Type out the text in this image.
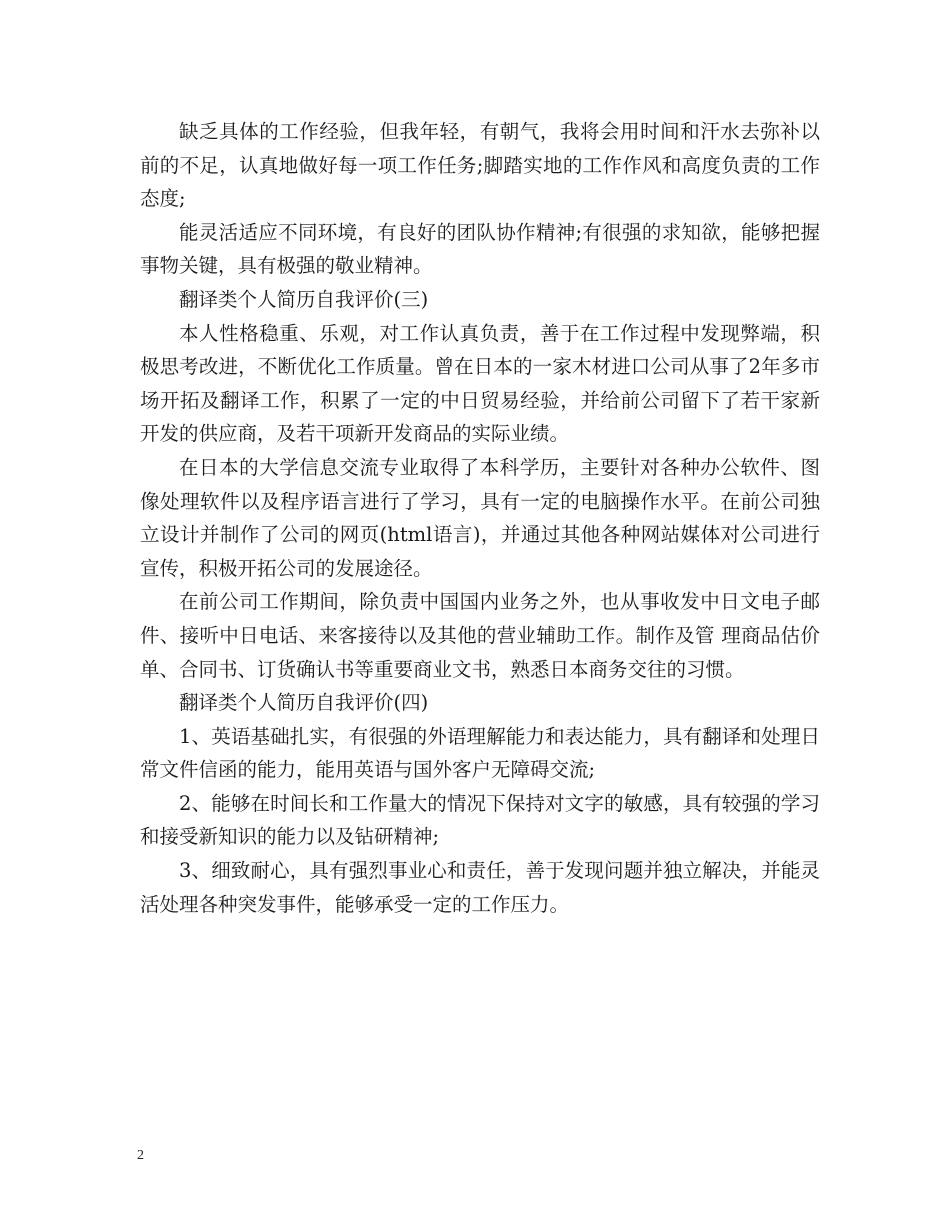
缺乏具体的工作经验，但我年轻，有朝气，我将会用时间和汗水去弥补以前的不足，认真地做好每一项工作任务;脚踏实地的工作作风和高度负责的工作态度;

能灵活适应不同环境，有良好的团队协作精神;有很强的求知欲，能够把握事物关键，具有极强的敬业精神。

翻译类个人简历自我评价(三)

本人性格稳重、乐观，对工作认真负责，善于在工作过程中发现弊端，积极思考改进，不断优化工作质量。曾在日本的一家木材进口公司从事了2年多市场开拓及翻译工作，积累了一定的中日贸易经验，并给前公司留下了若干家新开发的供应商，及若干项新开发商品的实际业绩。

在日本的大学信息交流专业取得了本科学历，主要针对各种办公软件、图像处理软件以及程序语言进行了学习，具有一定的电脑操作水平。在前公司独立设计并制作了公司的网页(html语言)，并通过其他各种网站媒体对公司进行宣传，积极开拓公司的发展途径。

在前公司工作期间，除负责中国国内业务之外，也从事收发中日文电子邮件、接听中日电话、来客接待以及其他的营业辅助工作。制作及管 理商品估价单、合同书、订货确认书等重要商业文书，熟悉日本商务交往的习惯。

翻译类个人简历自我评价(四)

1、英语基础扎实，有很强的外语理解能力和表达能力，具有翻译和处理日常文件信函的能力，能用英语与国外客户无障碍交流;

2、能够在时间长和工作量大的情况下保持对文字的敏感，具有较强的学习和接受新知识的能力以及钻研精神;

3、细致耐心，具有强烈事业心和责任，善于发现问题并独立解决，并能灵活处理各种突发事件，能够承受一定的工作压力。

2
